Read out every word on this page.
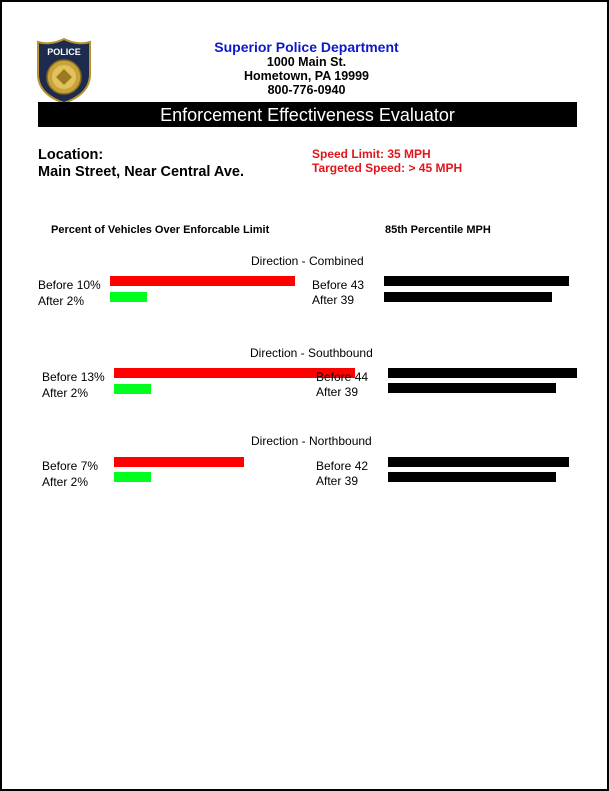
POLICE	Superior Police Department
1000 Main St.
Hometown, PA 19999
800-776-0940
Enforcement Effectiveness Evaluator
Location:
Main Street, Near Central Ave.
Speed Limit: 35 MPH
Targeted Speed: > 45 MPH
Percent of Vehicles Over Enforcable Limit	85th Percentile MPH
Direction - Combined
Before 10%
After 2%
Before 43
After 39
Direction - Southbound
Before 13%
After 2%
Before 44
After 39
Direction - Northbound
Before 7%
After 2%
Before 42
After 39
